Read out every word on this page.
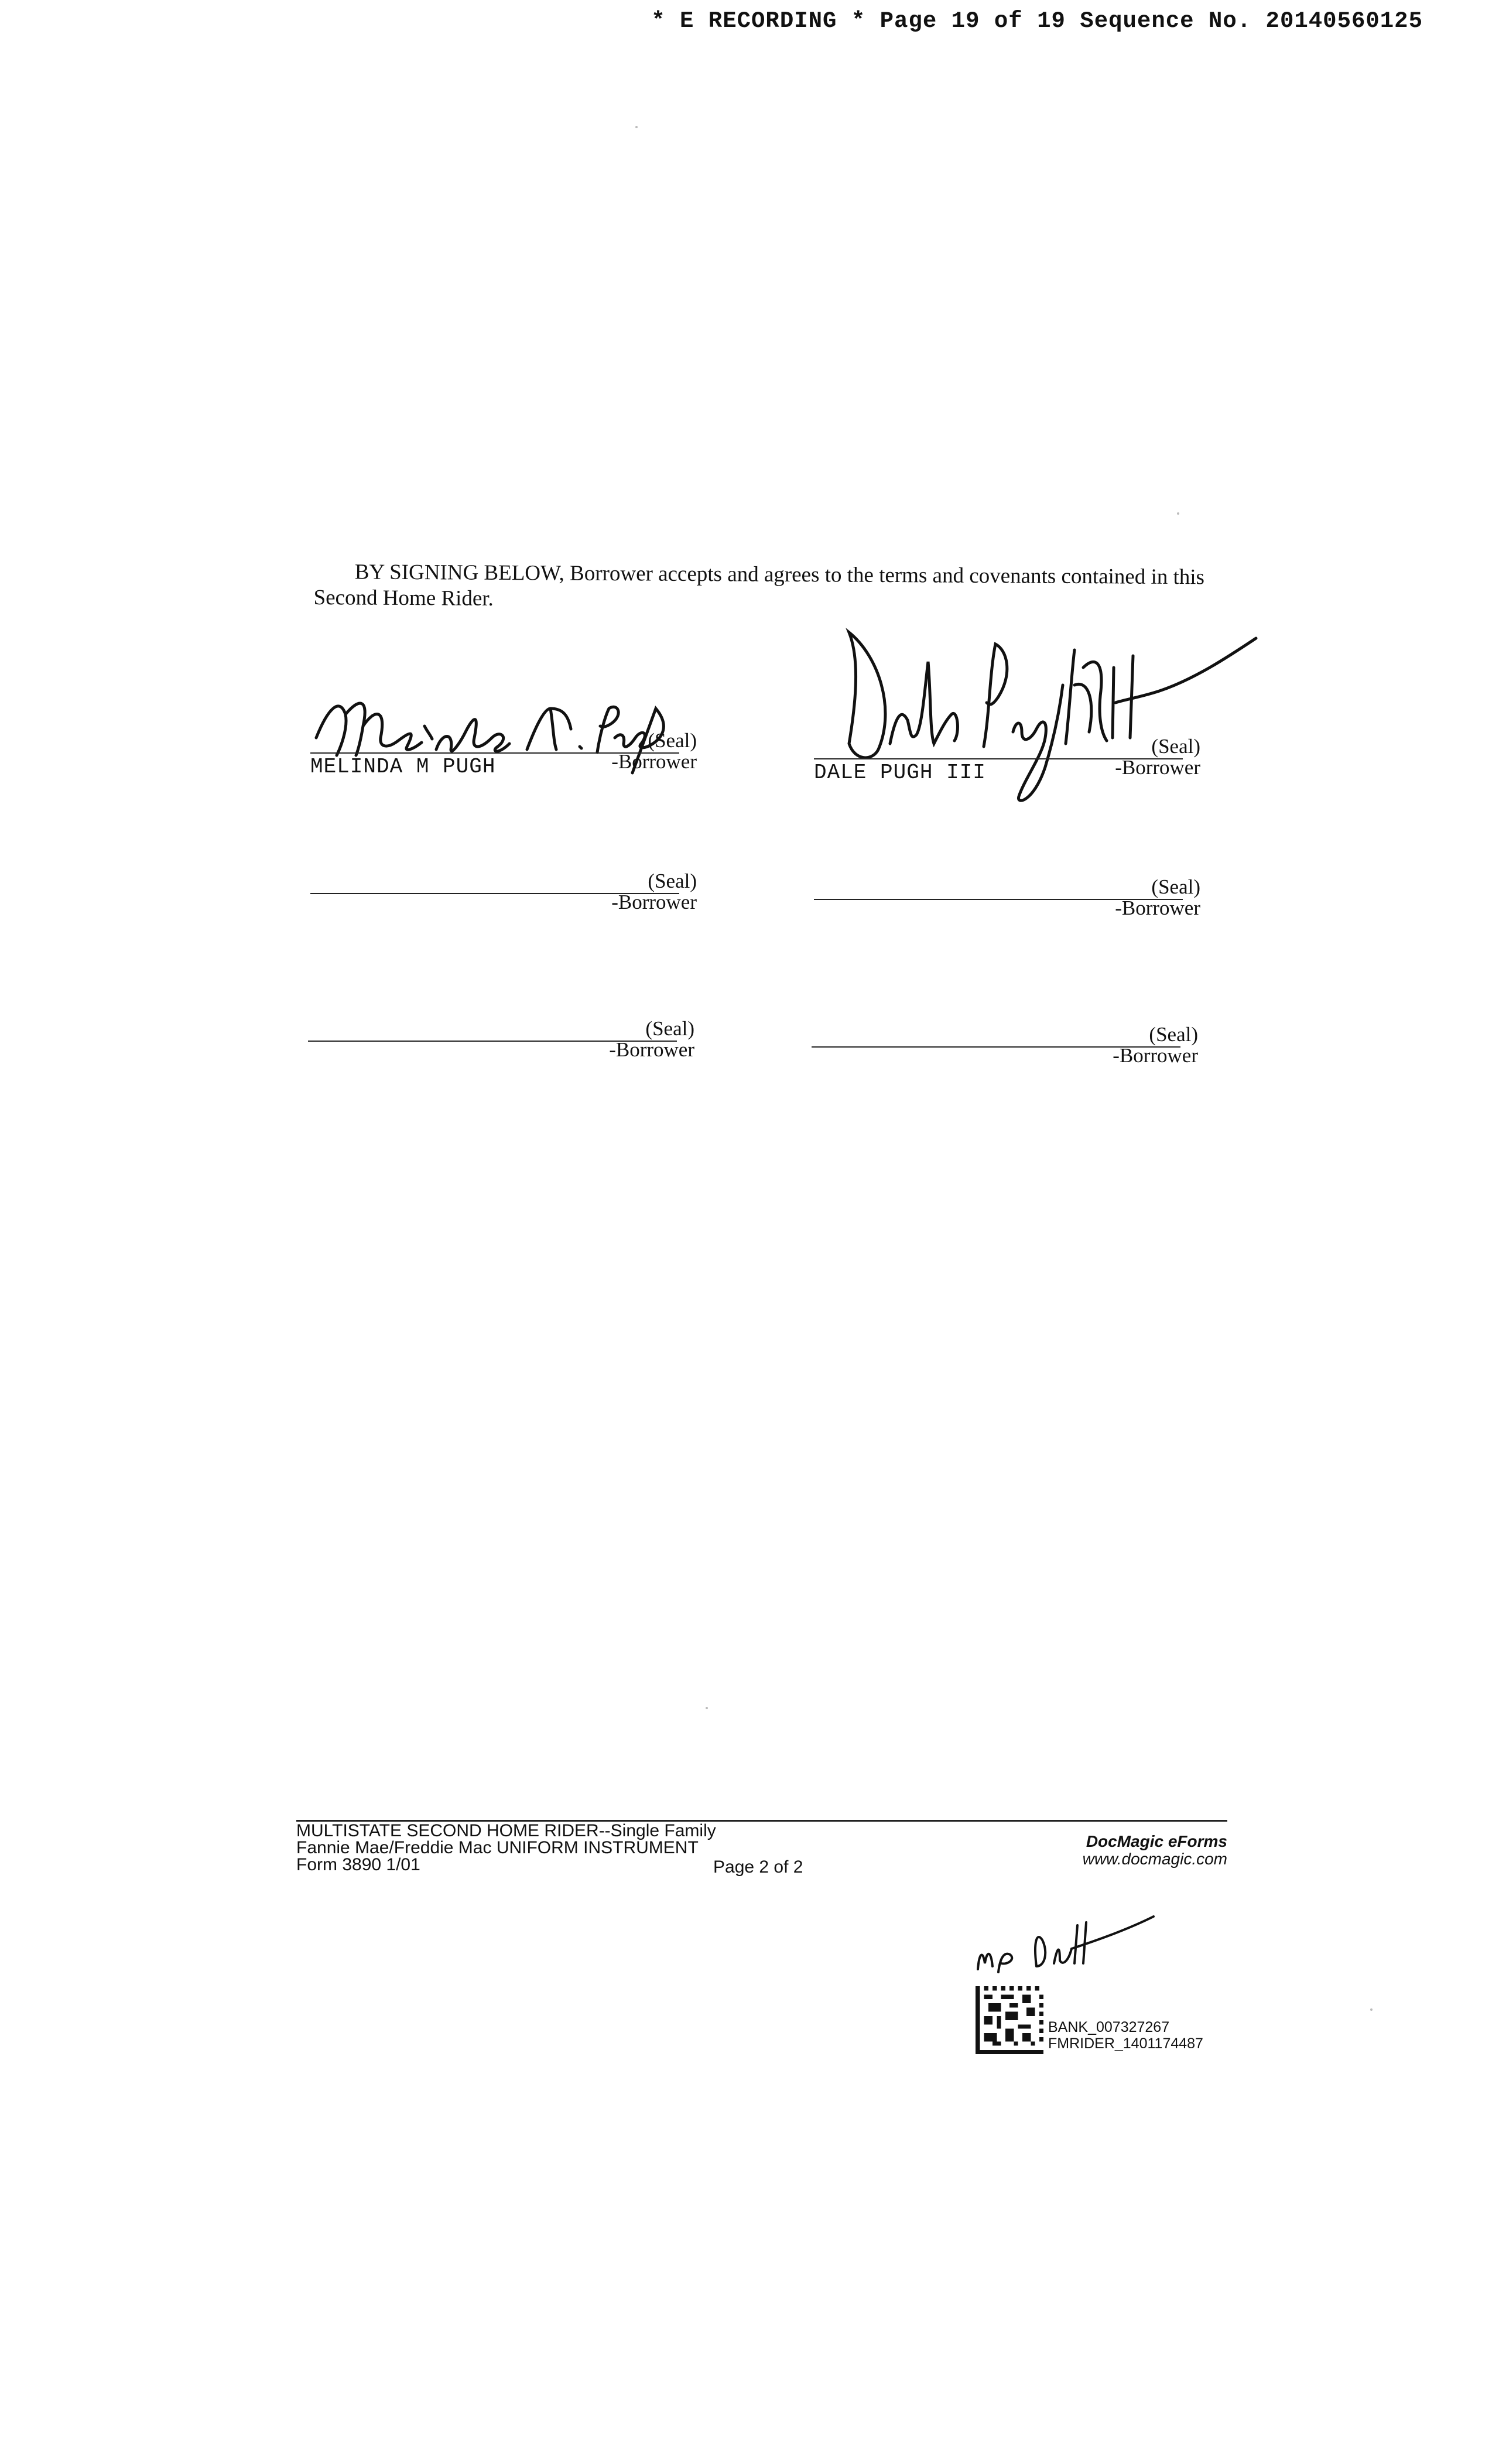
* E RECORDING * Page 19 of 19 Sequence No. 20140560125
BY SIGNING BELOW, Borrower accepts and agrees to the terms and covenants contained in this
Second Home Rider.
(Seal)
-Borrower
MELINDA M PUGH
(Seal)
-Borrower
DALE PUGH III
(Seal)
-Borrower
(Seal)
-Borrower
(Seal)
-Borrower
(Seal)
-Borrower
MULTISTATE SECOND HOME RIDER--Single Family
Fannie Mae/Freddie Mac UNIFORM INSTRUMENT
Form 3890 1/01	Page 2 of 2
DocMagic eForms
www.docmagic.com
BANK_007327267
FMRIDER_1401174487
